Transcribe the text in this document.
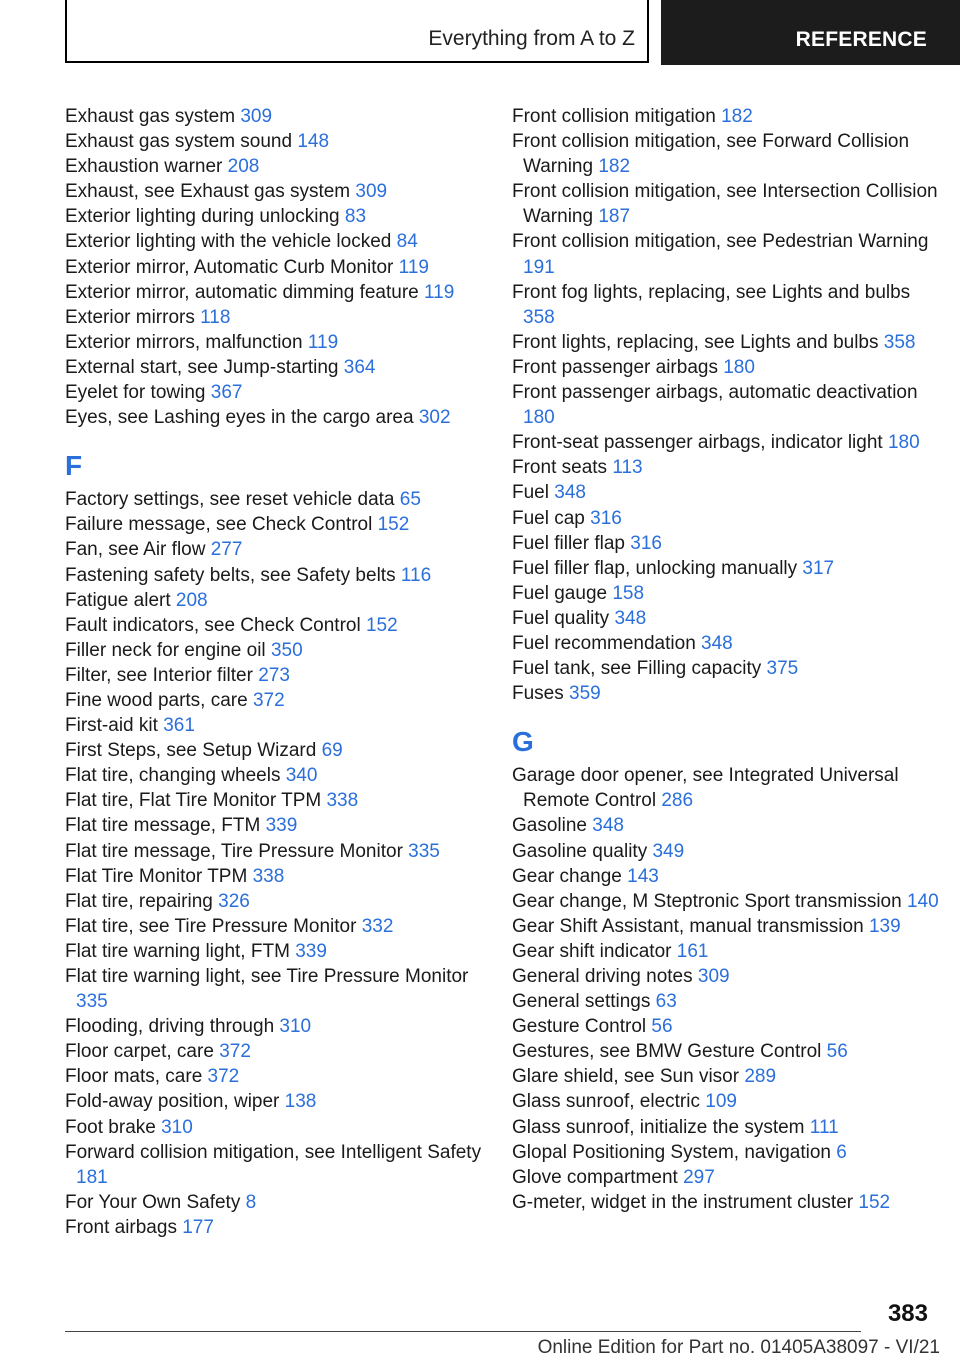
Everything from A to Z	REFERENCE
Exhaust gas system 309
Exhaust gas system sound 148
Exhaustion warner 208
Exhaust, see Exhaust gas system 309
Exterior lighting during unlocking 83
Exterior lighting with the vehicle locked 84
Exterior mirror, Automatic Curb Monitor 119
Exterior mirror, automatic dimming feature 119
Exterior mirrors 118
Exterior mirrors, malfunction 119
External start, see Jump-starting 364
Eyelet for towing 367
Eyes, see Lashing eyes in the cargo area 302
F
Factory settings, see reset vehicle data 65
Failure message, see Check Control 152
Fan, see Air flow 277
Fastening safety belts, see Safety belts 116
Fatigue alert 208
Fault indicators, see Check Control 152
Filler neck for engine oil 350
Filter, see Interior filter 273
Fine wood parts, care 372
First-aid kit 361
First Steps, see Setup Wizard 69
Flat tire, changing wheels 340
Flat tire, Flat Tire Monitor TPM 338
Flat tire message, FTM 339
Flat tire message, Tire Pressure Monitor 335
Flat Tire Monitor TPM 338
Flat tire, repairing 326
Flat tire, see Tire Pressure Monitor 332
Flat tire warning light, FTM 339
Flat tire warning light, see Tire Pressure Monitor 335
Flooding, driving through 310
Floor carpet, care 372
Floor mats, care 372
Fold-away position, wiper 138
Foot brake 310
Forward collision mitigation, see Intelligent Safety 181
For Your Own Safety 8
Front airbags 177
Front collision mitigation 182
Front collision mitigation, see Forward Collision Warning 182
Front collision mitigation, see Intersection Collision Warning 187
Front collision mitigation, see Pedestrian Warning 191
Front fog lights, replacing, see Lights and bulbs 358
Front lights, replacing, see Lights and bulbs 358
Front passenger airbags 180
Front passenger airbags, automatic deactivation 180
Front-seat passenger airbags, indicator light 180
Front seats 113
Fuel 348
Fuel cap 316
Fuel filler flap 316
Fuel filler flap, unlocking manually 317
Fuel gauge 158
Fuel quality 348
Fuel recommendation 348
Fuel tank, see Filling capacity 375
Fuses 359
G
Garage door opener, see Integrated Universal Remote Control 286
Gasoline 348
Gasoline quality 349
Gear change 143
Gear change, M Steptronic Sport transmission 140
Gear Shift Assistant, manual transmission 139
Gear shift indicator 161
General driving notes 309
General settings 63
Gesture Control 56
Gestures, see BMW Gesture Control 56
Glare shield, see Sun visor 289
Glass sunroof, electric 109
Glass sunroof, initialize the system 111
Glopal Positioning System, navigation 6
Glove compartment 297
G-meter, widget in the instrument cluster 152
383
Online Edition for Part no. 01405A38097 - VI/21
